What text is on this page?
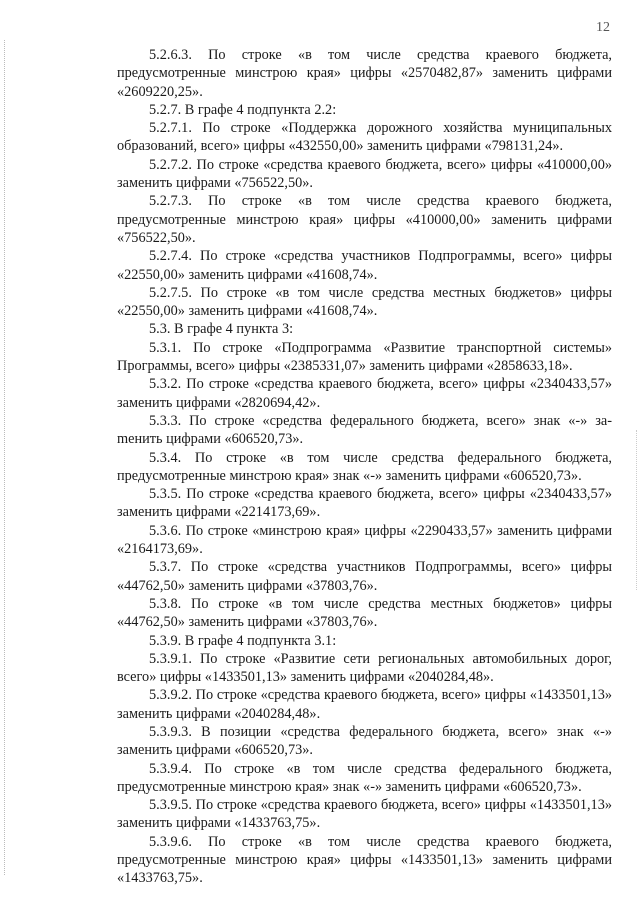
12

5.2.6.3. По строке «в том числе средства краевого бюджета, предусмотренные минстрою края» цифры «2570482,87» заменить цифрами «2609220,25».

5.2.7. В графе 4 подпункта 2.2:

5.2.7.1. По строке «Поддержка дорожного хозяйства муниципальных образований, всего» цифры «432550,00» заменить цифрами «798131,24».

5.2.7.2. По строке «средства краевого бюджета, всего» цифры «410000,00» заменить цифрами «756522,50».

5.2.7.3. По строке «в том числе средства краевого бюджета, предусмотренные минстрою края» цифры «410000,00» заменить цифрами «756522,50».

5.2.7.4. По строке «средства участников Подпрограммы, всего» цифры «22550,00» заменить цифрами «41608,74».

5.2.7.5. По строке «в том числе средства местных бюджетов» цифры «22550,00» заменить цифрами «41608,74».

5.3. В графе 4 пункта 3:

5.3.1. По строке «Подпрограмма «Развитие транспортной системы» Программы, всего» цифры «2385331,07» заменить цифрами «2858633,18».

5.3.2. По строке «средства краевого бюджета, всего» цифры «2340433,57» заменить цифрами «2820694,42».

5.3.3. По строке «средства федерального бюджета, всего» знак «-» заmенить цифрами «606520,73».

5.3.4. По строке «в том числе средства федерального бюджета, предусмотренные минстрою края» знак «-» заменить цифрами «606520,73».

5.3.5. По строке «средства краевого бюджета, всего» цифры «2340433,57» заменить цифрами «2214173,69».

5.3.6. По строке «минстрою края» цифры «2290433,57» заменить цифрами «2164173,69».

5.3.7. По строке «средства участников Подпрограммы, всего» цифры «44762,50» заменить цифрами «37803,76».

5.3.8. По строке «в том числе средства местных бюджетов» цифры «44762,50» заменить цифрами «37803,76».

5.3.9. В графе 4 подпункта 3.1:

5.3.9.1. По строке «Развитие сети региональных автомобильных дорог, всего» цифры «1433501,13» заменить цифрами «2040284,48».

5.3.9.2. По строке «средства краевого бюджета, всего» цифры «1433501,13» заменить цифрами «2040284,48».

5.3.9.3. В позиции «средства федерального бюджета, всего» знак «-» заменить цифрами «606520,73».

5.3.9.4. По строке «в том числе средства федерального бюджета, предусмотренные минстрою края» знак «-» заменить цифрами «606520,73».

5.3.9.5. По строке «средства краевого бюджета, всего» цифры «1433501,13» заменить цифрами «1433763,75».

5.3.9.6. По строке «в том числе средства краевого бюджета, предусмотренные минстрою края» цифры «1433501,13» заменить цифрами «1433763,75».
